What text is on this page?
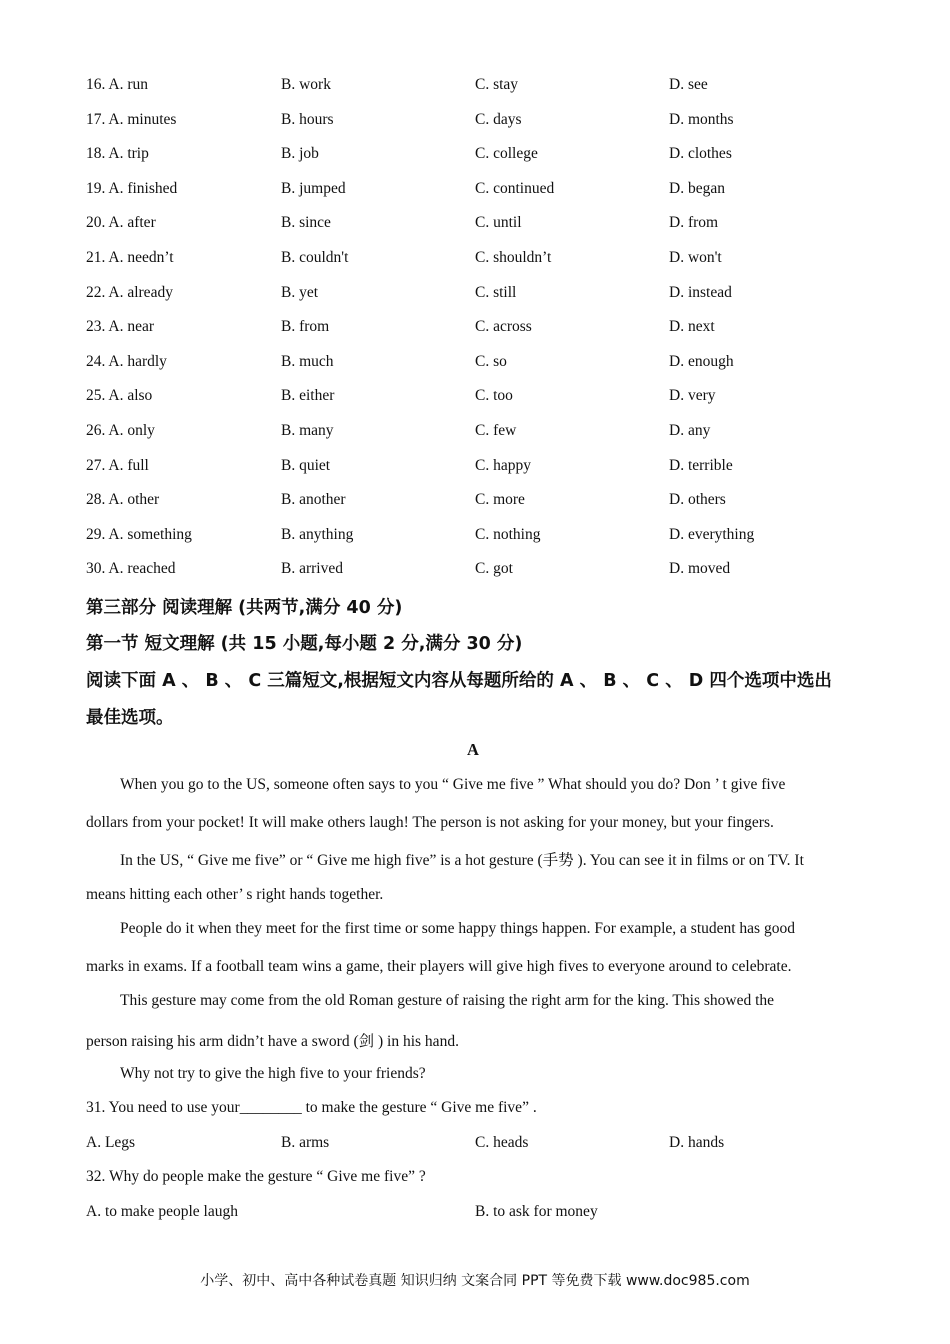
16. A. run	B. work	C. stay	D. see
17. A. minutes	B. hours	C. days	D. months
18. A. trip	B. job	C. college	D. clothes
19. A. finished	B. jumped	C. continued	D. began
20. A. after	B. since	C. until	D. from
21. A. needn’t	B. couldn't	C. shouldn’t	D. won't
22. A. already	B. yet	C. still	D. instead
23. A. near	B. from	C. across	D. next
24. A. hardly	B. much	C. so	D. enough
25. A. also	B. either	C. too	D. very
26. A. only	B. many	C. few	D. any
27. A. full	B. quiet	C. happy	D. terrible
28. A. other	B. another	C. more	D. others
29. A. something	B. anything	C. nothing	D. everything
30. A. reached	B. arrived	C. got	D. moved
第三部分 阅读理解 (共两节,满分 40 分)
第一节 短文理解 (共 15 小题,每小题 2 分,满分 30 分)
阅读下面 A 、 B 、 C 三篇短文,根据短文内容从每题所给的 A 、 B 、 C 、 D 四个选项中选出
最佳选项。
A
When you go to the US, someone often says to you “ Give me five ” What should you do? Don ’ t give five
dollars from your pocket! It will make others laugh! The person is not asking for your money, but your fingers.
In the US, “ Give me five” or “ Give me high five” is a hot gesture (手势 ). You can see it in films or on TV. It
means hitting each other’ s right hands together.
People do it when they meet for the first time or some happy things happen. For example, a student has good
marks in exams. If a football team wins a game, their players will give high fives to everyone around to celebrate.
This gesture may come from the old Roman gesture of raising the right arm for the king. This showed the
person raising his arm didn’t have a sword (剑 ) in his hand.
Why not try to give the high five to your friends?
31. You need to use your________ to make the gesture “ Give me five” .
A. Legs	B. arms	C. heads	D. hands
32. Why do people make the gesture “ Give me five” ?
A. to make people laugh	B. to ask for money
小学、初中、高中各种试卷真题 知识归纳 文案合同 PPT 等免费下载 www.doc985.com
